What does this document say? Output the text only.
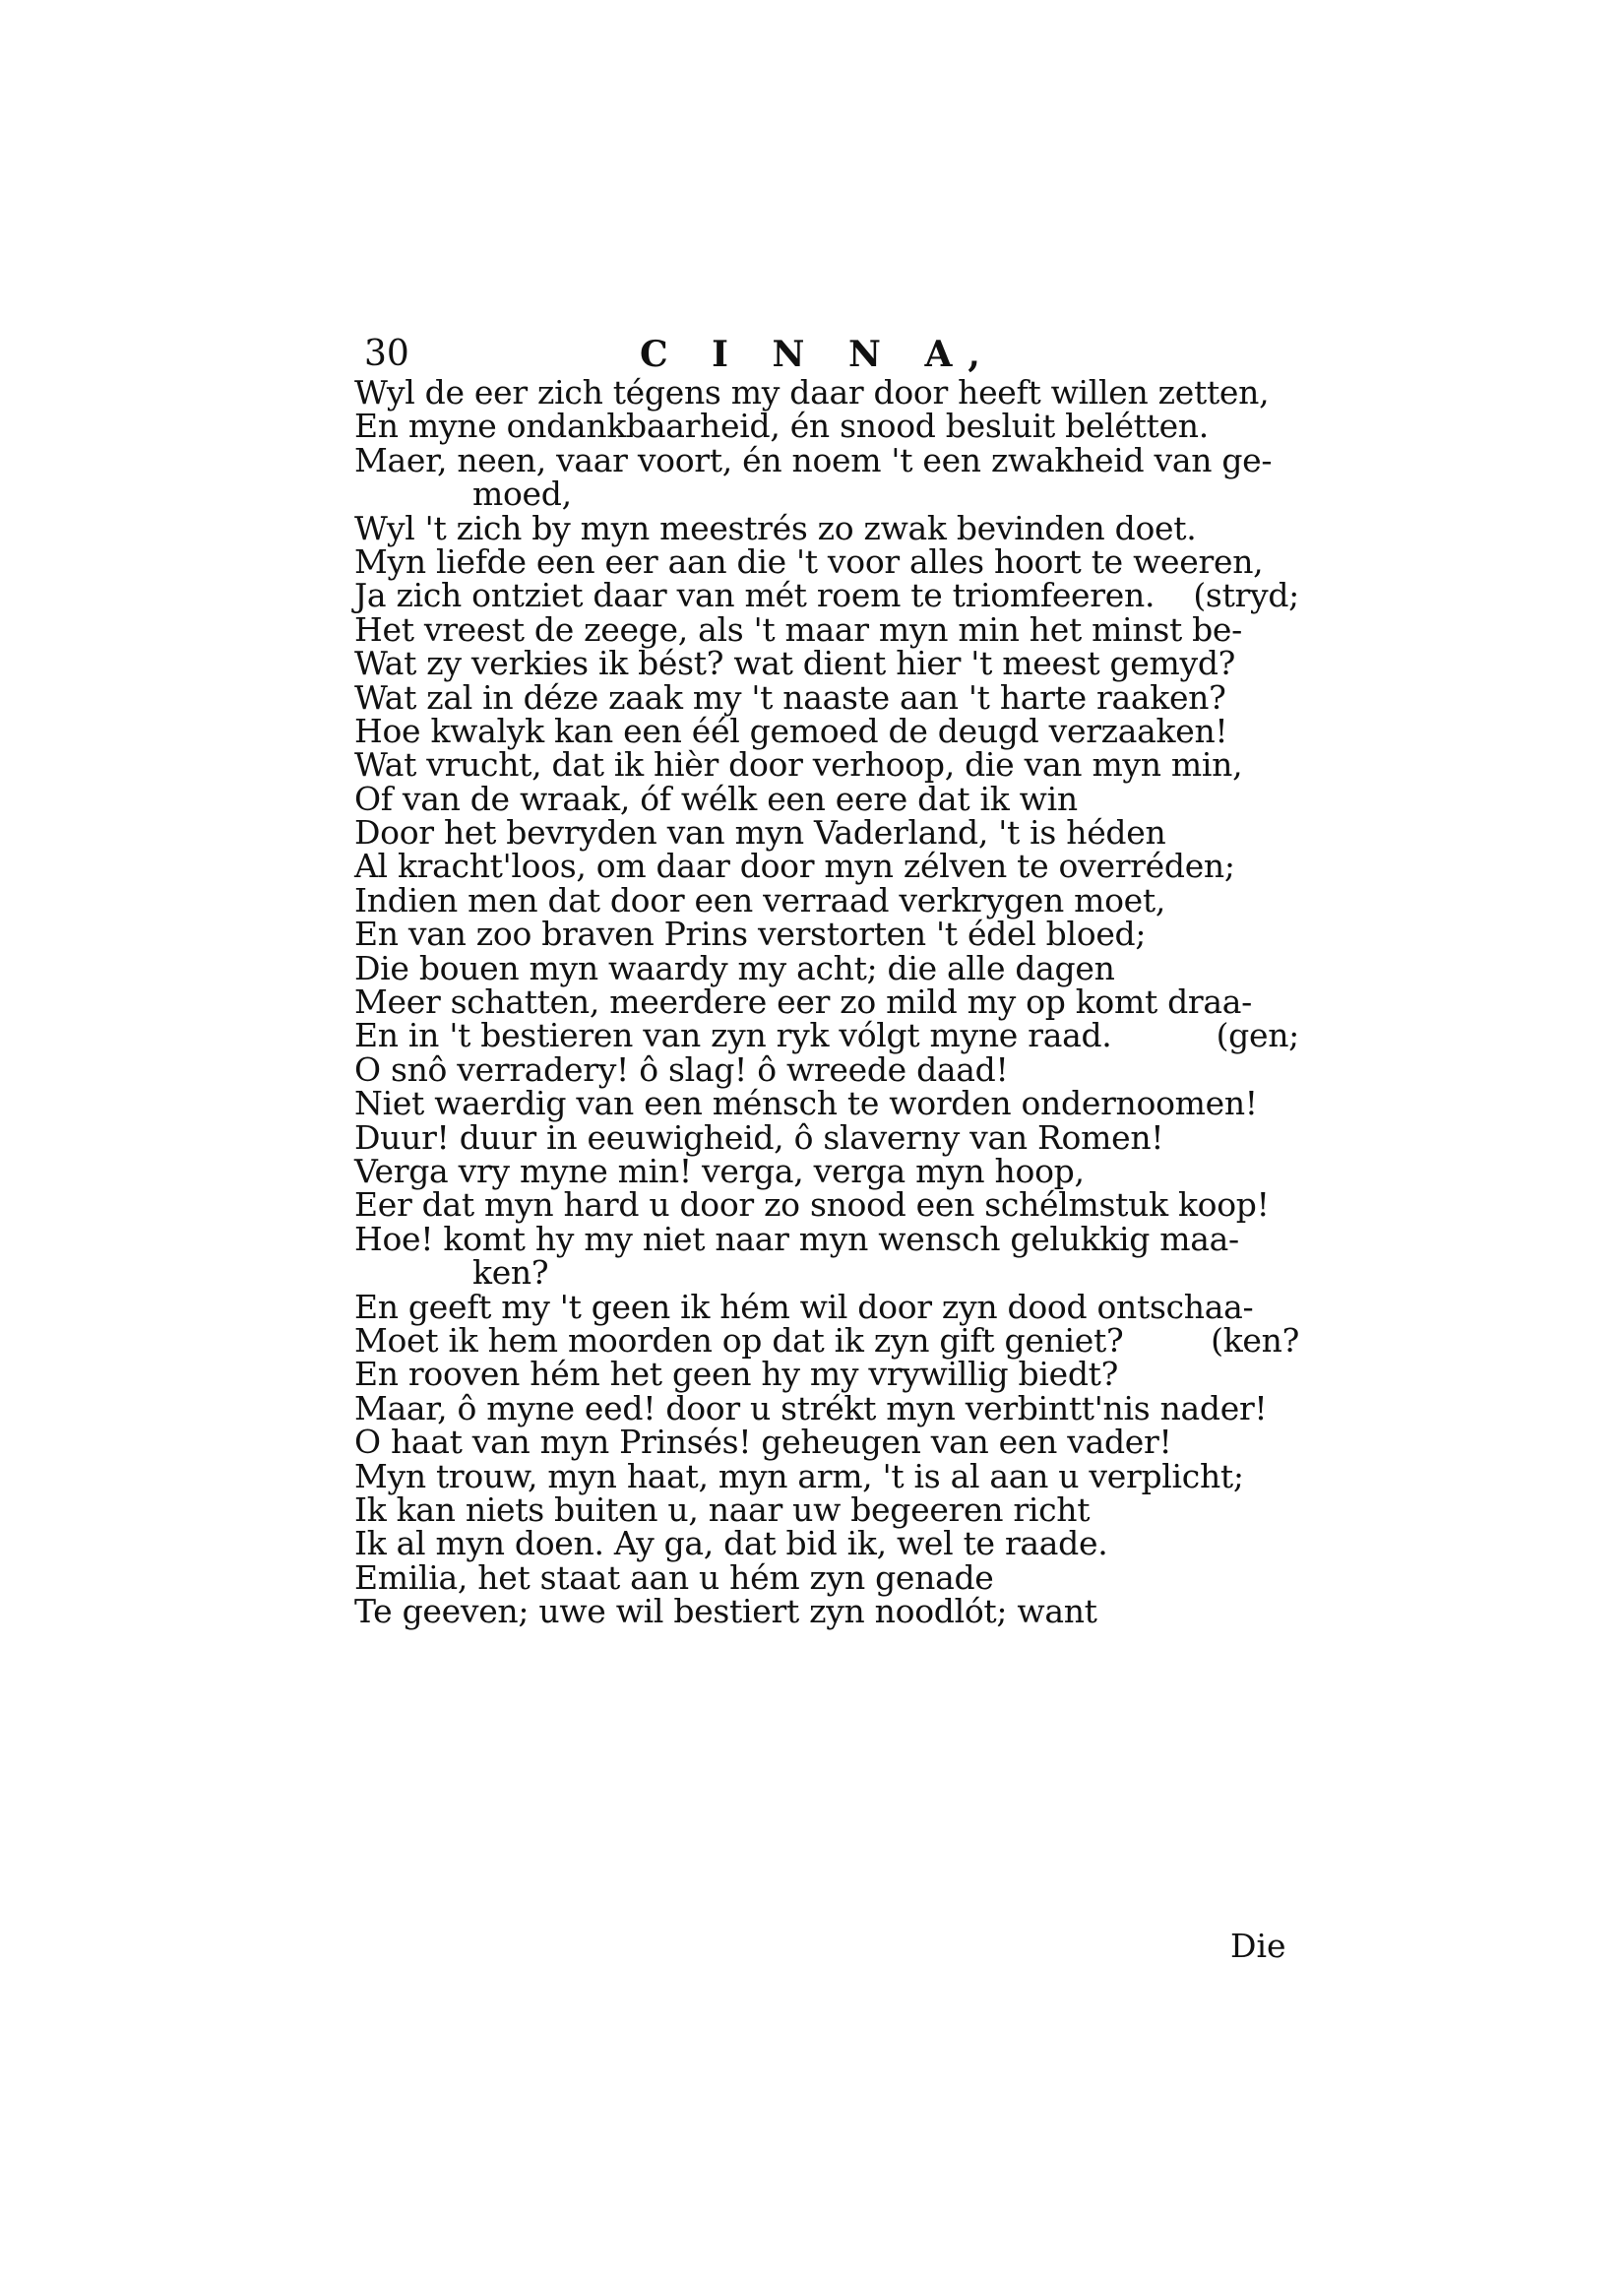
30	C I N N A,
Wyl de eer zich tégens my daar door heeft willen zetten,
En myne ondankbaarheid, én snood besluit belétten.
Maer, neen, vaar voort, én noem 't een zwakheid van ge-
moed,
Wyl 't zich by myn meestrés zo zwak bevinden doet.
Myn liefde een eer aan die 't voor alles hoort te weeren,
Ja zich ontziet daar van mét roem te triomfeeren. (stryd;
Het vreest de zeege, als 't maar myn min het minst be-
Wat zy verkies ik bést? wat dient hier 't meest gemyd?
Wat zal in déze zaak my 't naaste aan 't harte raaken?
Hoe kwalyk kan een éél gemoed de deugd verzaaken!
Wat vrucht, dat ik hièr door verhoop, die van myn min,
Of van de wraak, óf wélk een eere dat ik win
Door het bevryden van myn Vaderland, 't is héden
Al kracht'loos, om daar door myn zélven te overréden;
Indien men dat door een verraad verkrygen moet,
En van zoo braven Prins verstorten 't édel bloed;
Die bouen myn waardy my acht; die alle dagen
Meer schatten, meerdere eer zo mild my op komt draa-
En in 't bestieren van zyn ryk vólgt myne raad.	(gen;
O snô verradery! ô slag! ô wreede daad!
Niet waerdig van een ménsch te worden ondernoomen!
Duur! duur in eeuwigheid, ô slaverny van Romen!
Verga vry myne min! verga, verga myn hoop,
Eer dat myn hard u door zo snood een schélmstuk koop!
Hoe! komt hy my niet naar myn wensch gelukkig maa-
ken?
En geeft my 't geen ik hém wil door zyn dood ontschaa-
Moet ik hem moorden op dat ik zyn gift geniet?	(ken?
En rooven hém het geen hy my vrywillig biedt?
Maar, ô myne eed! door u strékt myn verbintt'nis nader!
O haat van myn Prinsés! geheugen van een vader!
Myn trouw, myn haat, myn arm, 't is al aan u verplicht;
Ik kan niets buiten u, naar uw begeeren richt
Ik al myn doen. Ay ga, dat bid ik, wel te raade.
Emilia, het staat aan u hém zyn genade
Te geeven; uwe wil bestiert zyn noodlót; want
Die
